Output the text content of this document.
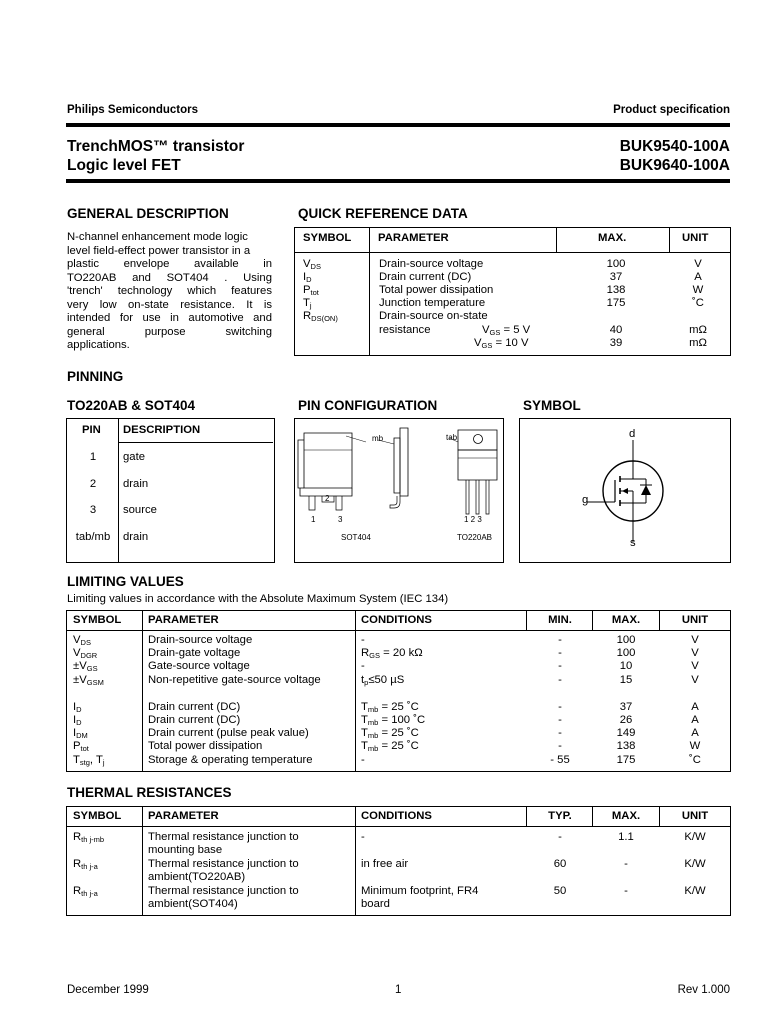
Philips Semiconductors	Product specification
TrenchMOS™ transistor
Logic level FET
BUK9540-100A
BUK9640-100A
GENERAL DESCRIPTION
N-channel enhancement mode logic
level field-effect power transistor in a
plastic envelope available in
TO220AB and SOT404 . Using
'trench' technology which features
very low on-state resistance. It is
intended for use in automotive and
general purpose switching
applications.
QUICK REFERENCE DATA
SYMBOL PARAMETER	MAX.	UNIT
$V_{DS}$	Drain-source voltage	100	V
$I_D$	Drain current (DC)	37	A
$P_{tot}$	Total power dissipation	138	W
$T_j$	Junction temperature	175	˚C
$R_{DS(ON)}$	Drain-source on-state
resistance	$V_{GS} = 5$ V	40	mΩ
$V_{GS} = 10$ V	39	mΩ
PINNING
TO220AB & SOT404	PIN CONFIGURATION	SYMBOL
PIN DESCRIPTION
1	gate
2	drain
3	source
tab/mb	drain
mb	tab
2
1	3	1 2 3
SOT404	TO220AB
d
g
s
LIMITING VALUES
Limiting values in accordance with the Absolute Maximum System (IEC 134)
SYMBOL PARAMETER	CONDITIONS	MIN.	MAX.	UNIT
$V_{DS}$	Drain-source voltage	-	-	100	V
$V_{DGR}$	Drain-gate voltage	$R_{GS} = 20$ kΩ	-	100	V
$\pm V_{GS}$	Gate-source voltage	-	-	10	V
$\pm V_{GSM}$	Non-repetitive gate-source voltage	$t_p\le 50$ µS	-	15	V
$I_D$	Drain current (DC)	$T_{mb} = 25$ ˚C	-	37	A
$I_D$	Drain current (DC)	$T_{mb} = 100$ ˚C	-	26	A
$I_{DM}$	Drain current (pulse peak value)	$T_{mb} = 25$ ˚C	-	149	A
$P_{tot}$	Total power dissipation	$T_{mb} = 25$ ˚C	-	138	W
$T_{stg}$, $T_j$	Storage & operating temperature	-	- 55	175	˚C
THERMAL RESISTANCES
SYMBOL PARAMETER	CONDITIONS	TYP.	MAX.	UNIT
$R_{th j-mb}$	Thermal resistance junction to
mounting base
-	-	1.1	K/W
$R_{th j-a}$	Thermal resistance junction to
ambient(TO220AB)
in free air	60	-	K/W
$R_{th j-a}$	Thermal resistance junction to
ambient(SOT404)
Minimum footprint, FR4
board
50	-	K/W
December 1999	1	Rev 1.000
